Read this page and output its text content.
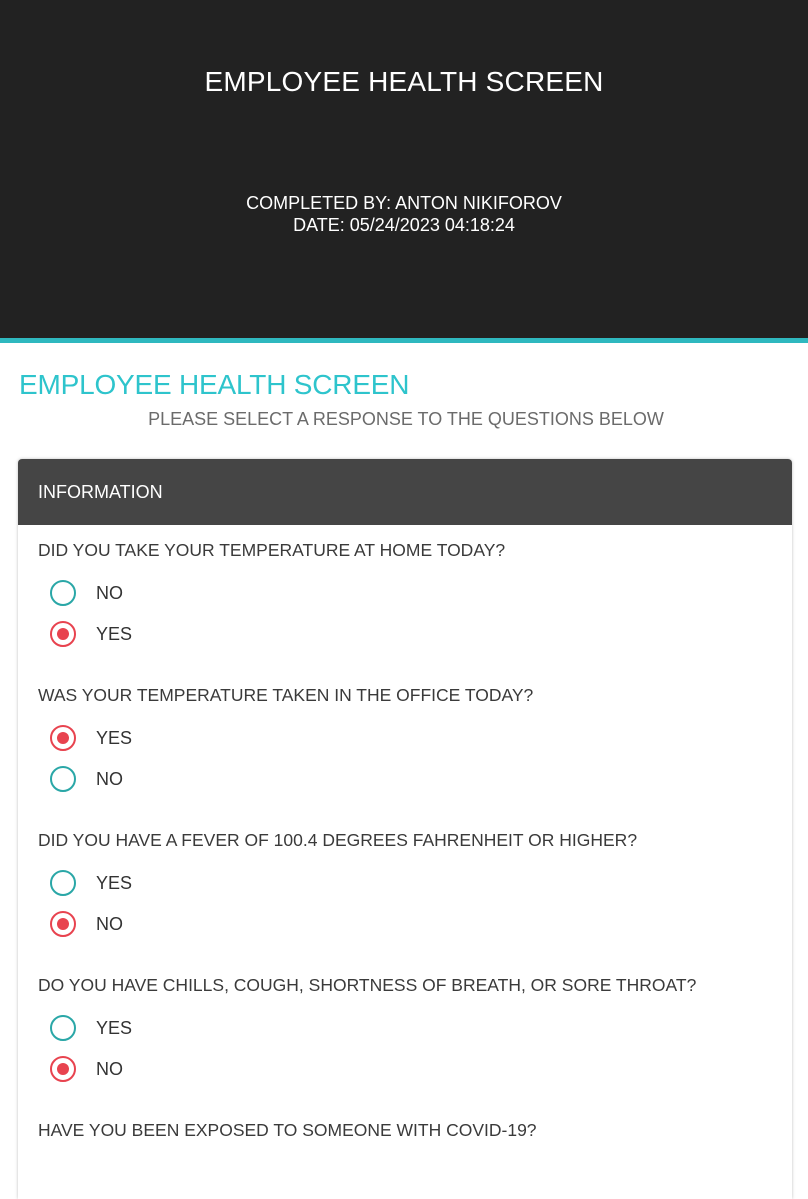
EMPLOYEE HEALTH SCREEN
COMPLETED BY: ANTON NIKIFOROV
DATE: 05/24/2023 04:18:24
EMPLOYEE HEALTH SCREEN
PLEASE SELECT A RESPONSE TO THE QUESTIONS BELOW
INFORMATION
DID YOU TAKE YOUR TEMPERATURE AT HOME TODAY?
NO
YES
WAS YOUR TEMPERATURE TAKEN IN THE OFFICE TODAY?
YES
NO
DID YOU HAVE A FEVER OF 100.4 DEGREES FAHRENHEIT OR HIGHER?
YES
NO
DO YOU HAVE CHILLS, COUGH, SHORTNESS OF BREATH, OR SORE THROAT?
YES
NO
HAVE YOU BEEN EXPOSED TO SOMEONE WITH COVID-19?
